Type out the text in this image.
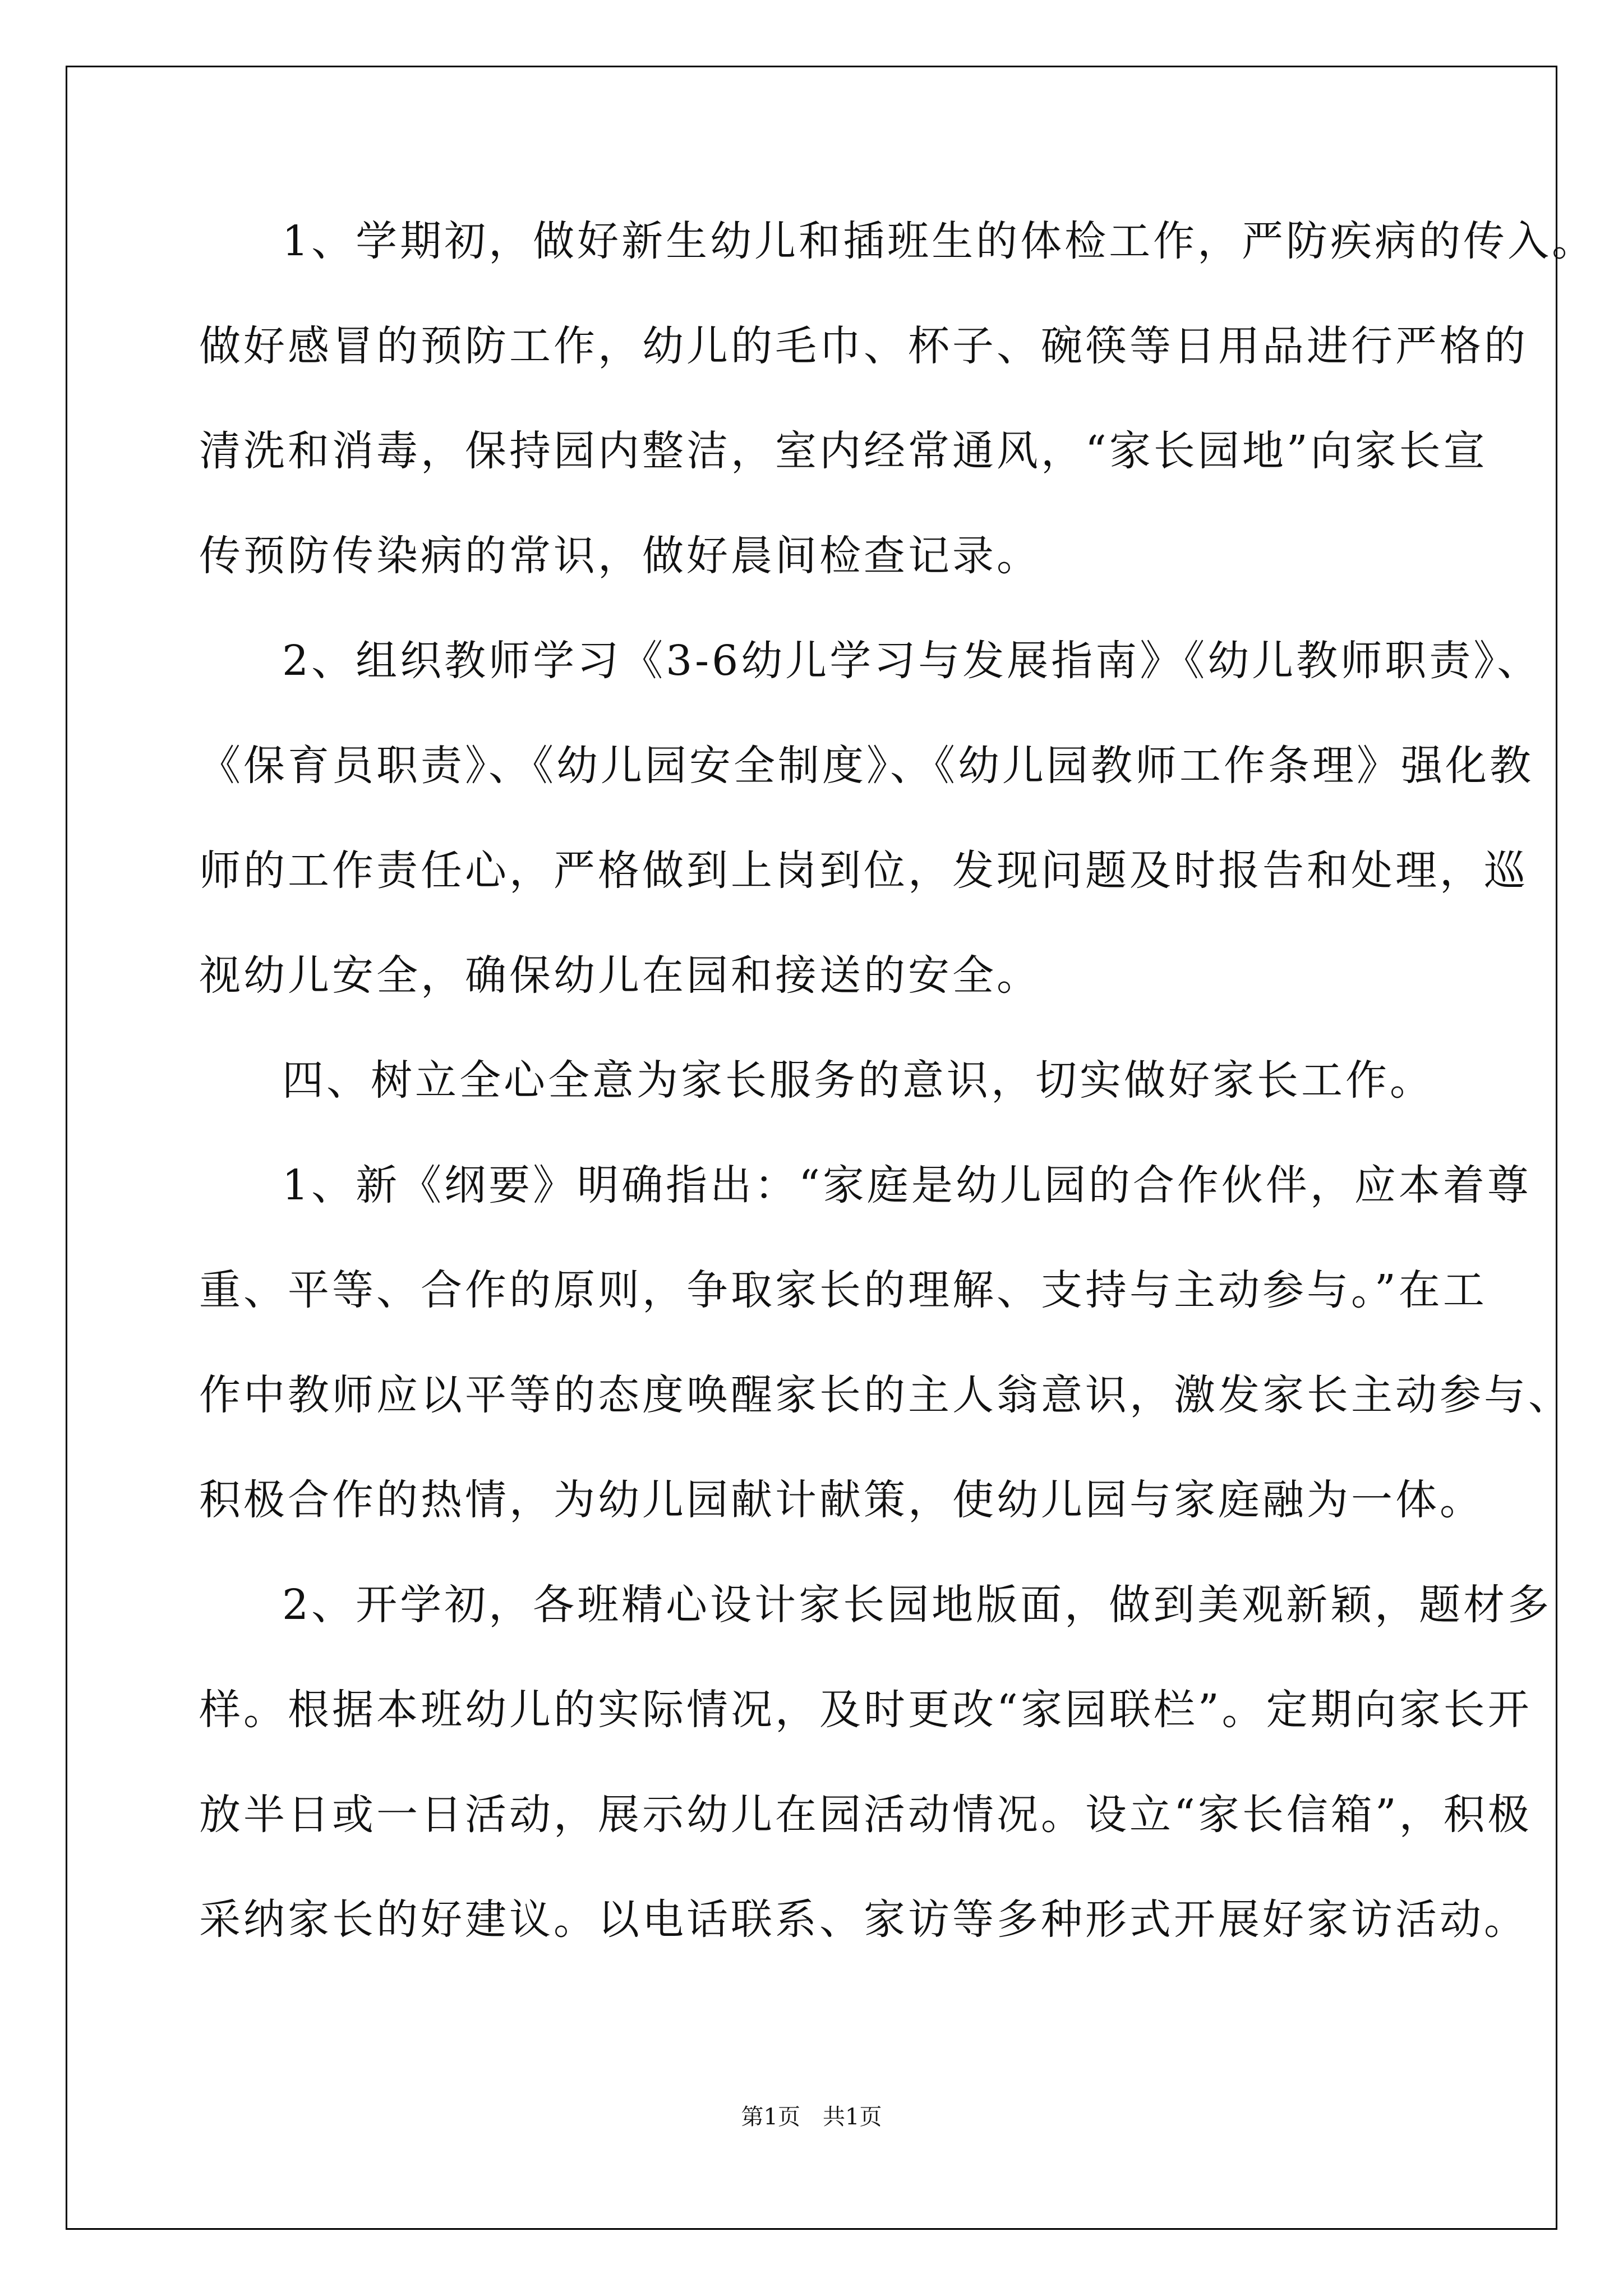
1、学期初，做好新生幼儿和插班生的体检工作，严防疾病的传入。
做好感冒的预防工作，幼儿的毛巾、杯子、碗筷等日用品进行严格的
清洗和消毒，保持园内整洁，室内经常通风，“家长园地”向家长宣
传预防传染病的常识，做好晨间检查记录。
2、组织教师学习《3-6幼儿学习与发展指南》《幼儿教师职责》、
《保育员职责》、《幼儿园安全制度》、《幼儿园教师工作条理》强化教
师的工作责任心，严格做到上岗到位，发现问题及时报告和处理，巡
视幼儿安全，确保幼儿在园和接送的安全。
四、树立全心全意为家长服务的意识，切实做好家长工作。
1、新《纲要》明确指出：“家庭是幼儿园的合作伙伴，应本着尊
重、平等、合作的原则，争取家长的理解、支持与主动参与。”在工
作中教师应以平等的态度唤醒家长的主人翁意识，激发家长主动参与、
积极合作的热情，为幼儿园献计献策，使幼儿园与家庭融为一体。
2、开学初，各班精心设计家长园地版面，做到美观新颖，题材多
样。根据本班幼儿的实际情况，及时更改“家园联栏”。定期向家长开
放半日或一日活动，展示幼儿在园活动情况。设立“家长信箱”，积极
采纳家长的好建议。以电话联系、家访等多种形式开展好家访活动。
第1页 共1页
